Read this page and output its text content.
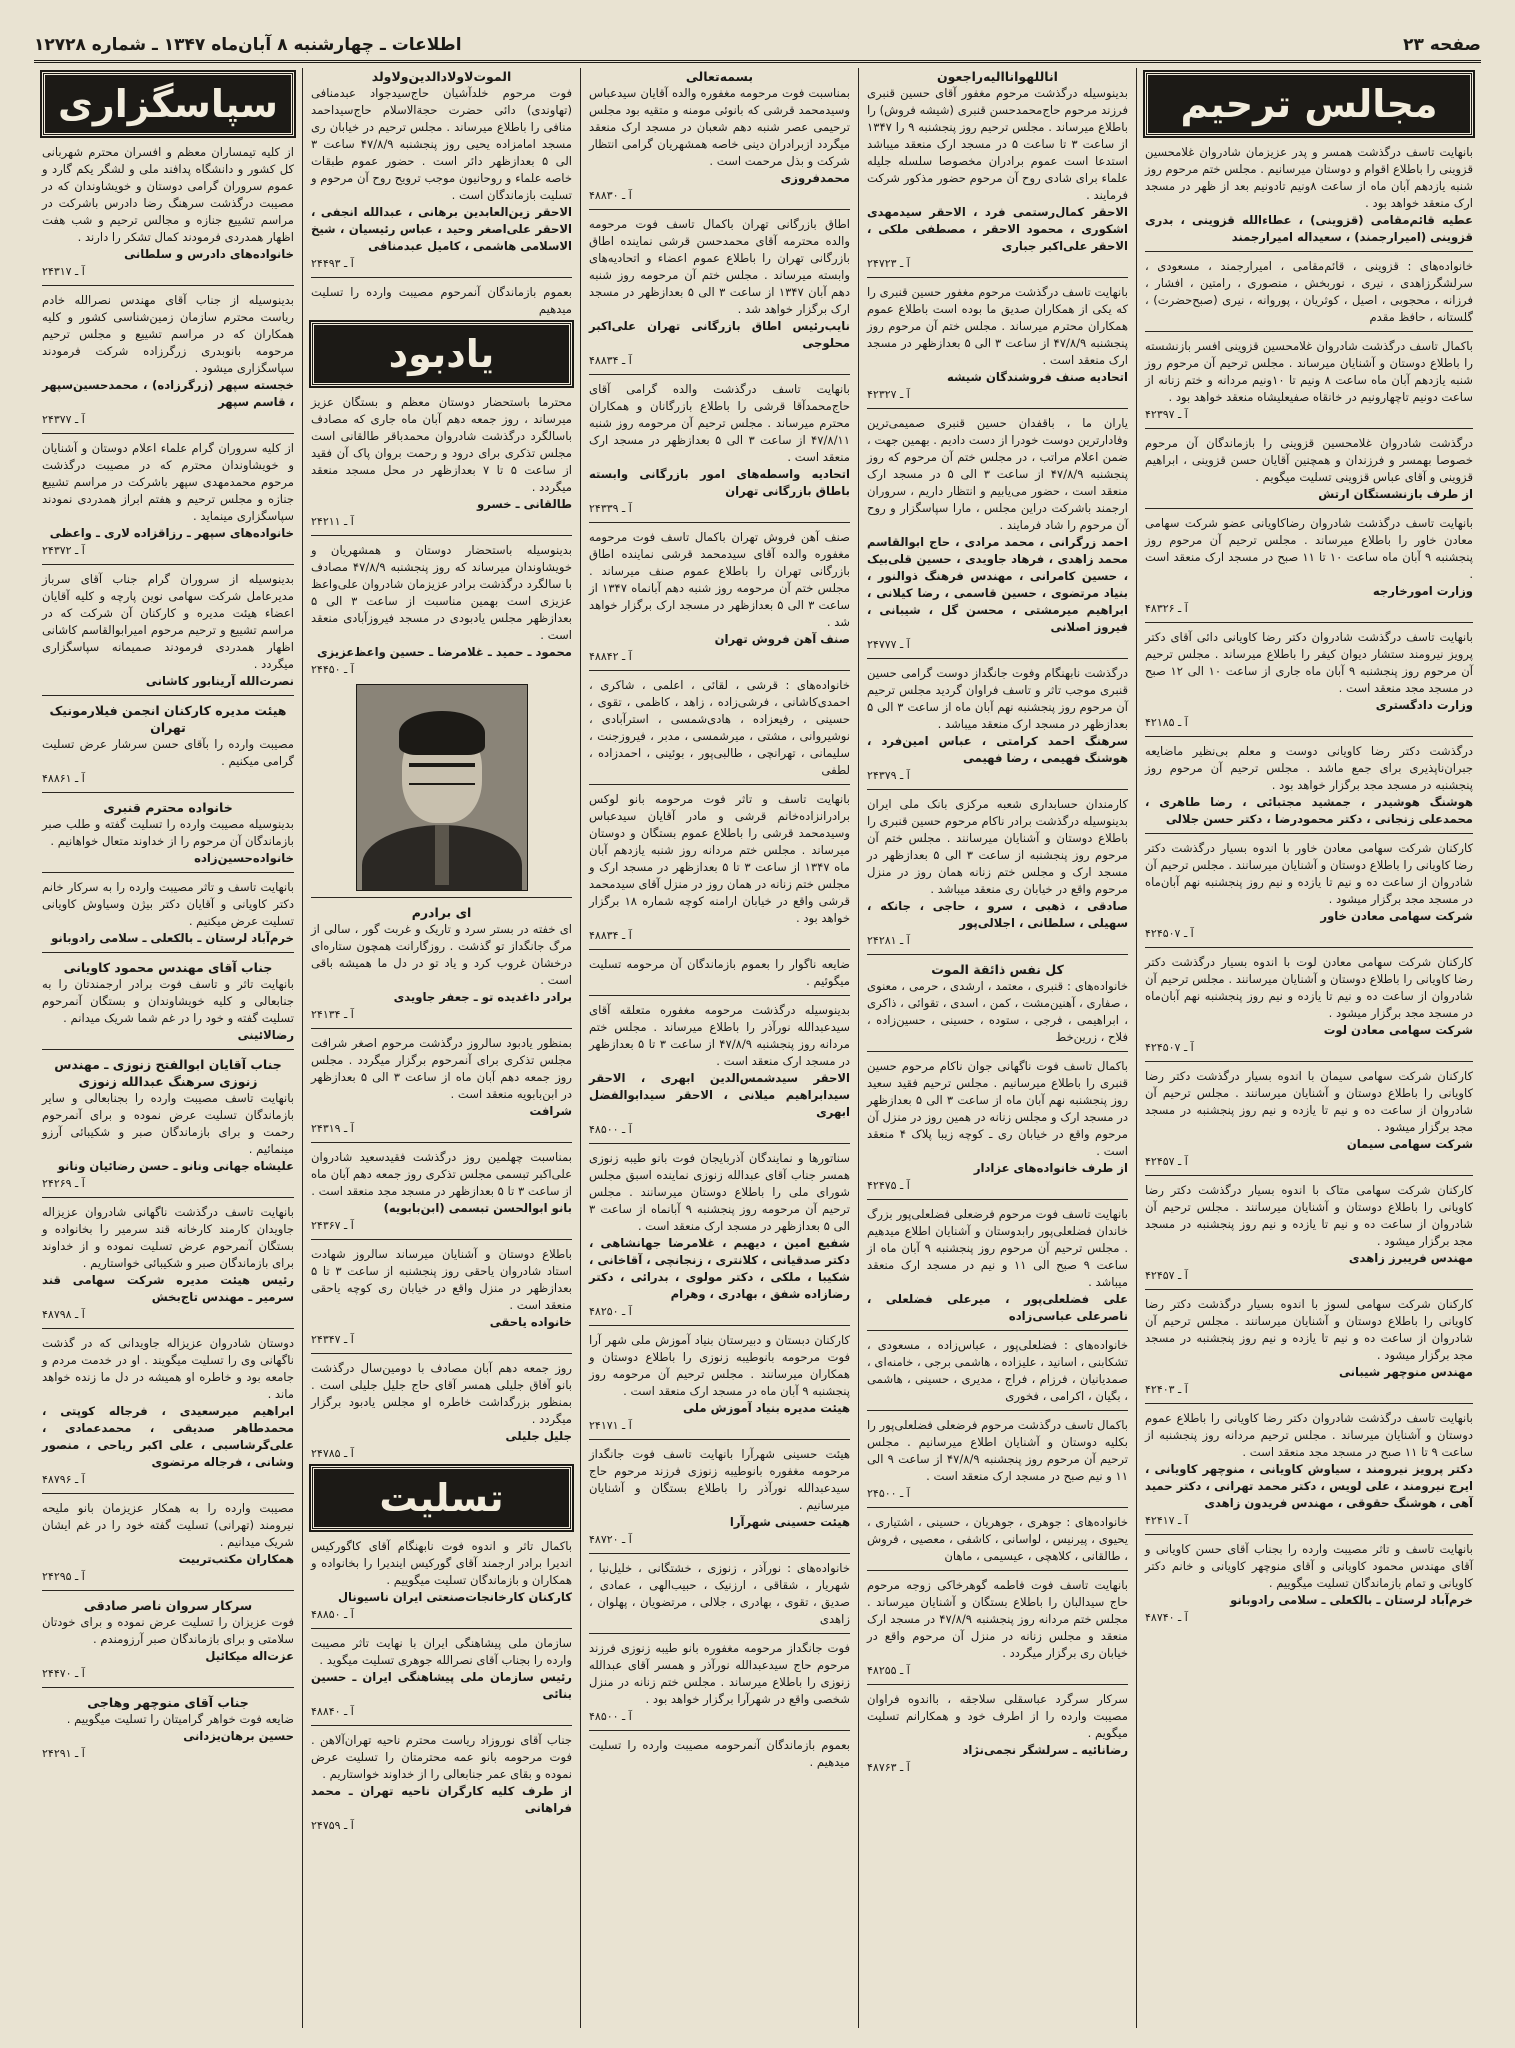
صفحه ۲۳
اطلاعات ـ چهارشنبه ۸ آبان‌ماه ۱۳۴۷ ـ شماره ۱۲۷۲۸
مجالس ترحیم
بانهایت تاسف درگذشت همسر و پدر عزیزمان شادروان غلامحسین قزوینی را باطلاع اقوام و دوستان میرسانیم . مجلس ختم مرحوم روز شنبه یازدهم آبان ماه از ساعت ۸ونیم تادونیم بعد از ظهر در مسجد ارک منعقد خواهد بود .
عطیه قائم‌مقامی (قزوینی) ، عطاءالله قزوینی ، بدری قزوینی (امیرارجمند) ، سعیداله امیرارجمند
خانواده‌های : قزوینی ، قائم‌مقامی ، امیرارجمند ، مسعودی ، سرلشگرزاهدی ، نیری ، نوربخش ، منصوری ، رامتین ، افشار ، فرزانه ، محجوبی ، اصیل ، کوثریان ، پوروانه ، نیری (صبح‌حضرت) ، گلستانه ، حافظ مقدم
باکمال تاسف درگذشت شادروان غلامحسین قزوینی افسر بازنشسته را باطلاع دوستان و آشنایان میرساند . مجلس ترحیم آن مرحوم روز شنبه یازدهم آبان ماه ساعت ۸ ونیم تا ۱۰ونیم مردانه و ختم زنانه از ساعت دونیم تاچهارونیم در خانقاه صفیعلیشاه منعقد خواهد بود .
آ ـ ۴۲۳۹۷
درگذشت شادروان غلامحسین قزوینی را بازماندگان آن مرحوم خصوصا بهمسر و فرزندان و همچنین آقایان حسن قزوینی ، ابراهیم قزوینی و آقای عباس قزوینی تسلیت میگویم .
از طرف بازنشستگان ارتش
بانهایت تاسف درگذشت شادروان رضاکاویانی عضو شرکت سهامی معادن خاور را باطلاع میرساند . مجلس ترحیم آن مرحوم روز پنجشنبه ۹ آبان ماه ساعت ۱۰ تا ۱۱ صبح در مسجد ارک منعقد است .
وزارت امورخارجه
آ ـ ۴۸۳۲۶
بانهایت تاسف درگذشت شادروان دکتر رضا کاویانی دائی آقای دکتر پرویز نیرومند ستشار دیوان کیفر را باطلاع میرساند . مجلس ترحیم آن مرحوم روز پنجشنبه ۹ آبان ماه جاری از ساعت ۱۰ الی ۱۲ صبح در مسجد مجد منعقد است .
وزارت دادگستری
آ ـ ۴۲۱۸۵
درگذشت دکتر رضا کاویانی دوست و معلم بی‌نظیر ماضایعه جبران‌ناپذیری برای جمع ماشد . مجلس ترحیم آن مرحوم روز پنجشنبه در مسجد مجد برگزار خواهد بود .
هوشنگ هوشیدر ، جمشید مجتبائی ، رضا طاهری ، محمدعلی زنجانی ، دکتر محمودرضا ، دکتر حسن جلالی
کارکنان شرکت سهامی معادن خاور با اندوه بسیار درگذشت دکتر رضا کاویانی را باطلاع دوستان و آشنایان میرسانند . مجلس ترحیم آن شادروان از ساعت ده و نیم تا یازده و نیم روز پنجشنبه نهم آبان‌ماه در مسجد مجد برگزار میشود .
شرکت سهامی معادن خاور
آ ـ ۴۲۴۵۰۷
کارکنان شرکت سهامی معادن لوت با اندوه بسیار درگذشت دکتر رضا کاویانی را باطلاع دوستان و آشنایان میرسانند . مجلس ترحیم آن شادروان از ساعت ده و نیم تا یازده و نیم روز پنجشنبه نهم آبان‌ماه در مسجد مجد برگزار میشود .
شرکت سهامی معادن لوت
آ ـ ۴۲۴۵۰۷
کارکنان شرکت سهامی سیمان با اندوه بسیار درگذشت دکتر رضا کاویانی را باطلاع دوستان و آشنایان میرسانند . مجلس ترحیم آن شادروان از ساعت ده و نیم تا یازده و نیم روز پنجشنبه در مسجد مجد برگزار میشود .
شرکت سهامی سیمان
آ ـ ۴۲۴۵۷
کارکنان شرکت سهامی متاک با اندوه بسیار درگذشت دکتر رضا کاویانی را باطلاع دوستان و آشنایان میرسانند . مجلس ترحیم آن شادروان از ساعت ده و نیم تا یازده و نیم روز پنجشنبه در مسجد مجد برگزار میشود .
مهندس فریبرز زاهدی
آ ـ ۴۲۴۵۷
کارکنان شرکت سهامی لسوز با اندوه بسیار درگذشت دکتر رضا کاویانی را باطلاع دوستان و آشنایان میرسانند . مجلس ترحیم آن شادروان از ساعت ده و نیم تا یازده و نیم روز پنجشنبه در مسجد مجد برگزار میشود .
مهندس منوچهر شیبانی
آ ـ ۴۲۴۰۳
بانهایت تاسف درگذشت شادروان دکتر رضا کاویانی را باطلاع عموم دوستان و آشنایان میرساند . مجلس ترحیم مردانه روز پنجشنبه از ساعت ۹ تا ۱۱ صبح در مسجد مجد منعقد است .
دکتر پرویز نیرومند ، سیاوش کاویانی ، منوچهر کاویانی ، ایرج نیرومند ، علی لویس ، دکتر محمد تهرانی ، دکتر حمید آهی ، هوشنگ حقوقی ، مهندس فریدون زاهدی
آ ـ ۴۲۴۱۷
بانهایت تاسف و تاثر مصیبت وارده را بجناب آقای حسن کاویانی و آقای مهندس محمود کاویانی و آقای منوچهر کاویانی و خانم دکتر کاویانی و تمام بازماندگان تسلیت میگوییم .
خرم‌آباد لرستان ـ بالکعلی ـ سلامی رادوبانو
آ ـ ۴۸۷۴۰
اناللهواناالیه‌راجعون
بدینوسیله درگذشت مرحوم مغفور آقای حسین قنبری فرزند مرحوم حاج‌محمدحسن قنبری (شیشه فروش) را باطلاع میرساند . مجلس ترحیم روز پنجشنبه ۹ را ۱۳۴۷ از ساعت ۳ تا ساعت ۵ در مسجد ارک منعقد میباشد استدعا است عموم برادران مخصوصا سلسله جلیله علماء برای شادی روح آن مرحوم حضور مذکور شرکت فرمایند .
الاحقر کمال‌رستمی فرد ، الاحقر سیدمهدی اشکوری ، محمود الاحقر ، مصطفی ملکی ، الاحقر علی‌اکبر جباری
آ ـ ۲۴۷۲۳
بانهایت تاسف درگذشت مرحوم مغفور حسین قنبری را که یکی از همکاران صدیق ما بوده است باطلاع عموم همکاران محترم میرساند . مجلس ختم آن مرحوم روز پنجشنبه ۴۷/۸/۹ از ساعت ۳ الی ۵ بعدازظهر در مسجد ارک منعقد است .
اتحادیه صنف فروشندگان شیشه
آ ـ ۴۲۳۲۷
یاران ما ، باقفدان حسین قنبری صمیمی‌ترین وفادارترین دوست خودرا از دست دادیم . بهمین جهت ، ضمن اعلام مراتب ، در مجلس ختم آن مرحوم که روز پنجشنبه ۴۷/۸/۹ از ساعت ۳ الی ۵ در مسجد ارک منعقد است ، حضور می‌یابیم و انتظار داریم ، سروران ارجمند باشرکت دراین مجلس ، مارا سپاسگزار و روح آن مرحوم را شاد فرمایند .
احمد زرگرانی ، محمد مرادی ، حاج ابوالقاسم محمد زاهدی ، فرهاد جاویدی ، حسین قلی‌بیک ، حسین کامرانی ، مهندس فرهنگ ذوالنور ، بنیاد مرتضوی ، حسین قاسمی ، رضا کیلانی ، ابراهیم میرمشتی ، محسن گل ، شیبانی ، فیروز اصلانی
آ ـ ۲۴۷۷۷
درگذشت نابهنگام وفوت جانگداز دوست گرامی حسین قنبری موجب تاثر و تاسف فراوان گردید مجلس ترحیم آن مرحوم روز پنجشنبه نهم آبان ماه از ساعت ۳ الی ۵ بعدازظهر در مسجد ارک منعقد میباشد .
سرهنگ احمد کرامتی ، عباس امین‌فرد ، هوشنگ فهیمی ، رضا فهیمی
آ ـ ۲۴۳۷۹
کارمندان حسابداری شعبه مرکزی بانک ملی ایران بدینوسیله درگذشت برادر ناکام مرحوم حسین قنبری را باطلاع دوستان و آشنایان میرسانند . مجلس ختم آن مرحوم روز پنجشنبه از ساعت ۳ الی ۵ بعدازظهر در مسجد ارک و مجلس ختم زنانه همان روز در منزل مرحوم واقع در خیابان ری منعقد میباشد .
صادقی ، ذهبی ، سرو ، حاجی ، جانکه ، سهیلی ، سلطانی ، اجلالی‌پور
آ ـ ۲۴۲۸۱
کل نفس ذائقة الموت
خانواده‌های : قنبری ، معتمد ، ارشدی ، حرمی ، معنوی ، صفاری ، آهنین‌مشت ، کمن ، اسدی ، تقوائی ، ذاکری ، ابراهیمی ، فرجی ، ستوده ، حسینی ، حسین‌زاده ، فلاح ، زرین‌خط
باکمال تاسف فوت ناگهانی جوان ناکام مرحوم حسین قنبری را باطلاع میرسانیم . مجلس ترحیم فقید سعید روز پنجشنبه نهم آبان ماه از ساعت ۳ الی ۵ بعدازظهر در مسجد ارک و مجلس زنانه در همین روز در منزل آن مرحوم واقع در خیابان ری ـ کوچه زیبا پلاک ۴ منعقد است .
از طرف خانواده‌های عزادار
آ ـ ۴۲۴۷۵
بانهایت تاسف فوت مرحوم فرضعلی فضلعلی‌پور بزرگ خاندان فضلعلی‌پور رابدوستان و آشنایان اطلاع میدهیم . مجلس ترحیم آن مرحوم روز پنجشنبه ۹ آبان ماه از ساعت ۹ صبح الی ۱۱ و نیم در مسجد ارک منعقد میباشد .
علی فضلعلی‌پور ، میرعلی فضلعلی ، ناصرعلی عباسی‌زاده
خانواده‌های : فضلعلی‌پور ، عباس‌زاده ، مسعودی ، تشکابنی ، اسانید ، علیزاده ، هاشمی برجی ، خامنه‌ای ، صمدیانیان ، فرزام ، فراج ، مدیری ، حسینی ، هاشمی ، بگیان ، اکرامی ، فخوری
باکمال تاسف درگذشت مرحوم فرضعلی فضلعلی‌پور را بکلیه دوستان و آشنایان اطلاع میرسانیم . مجلس ترحیم آن مرحوم روز پنجشنبه ۴۷/۸/۹ از ساعت ۹ الی ۱۱ و نیم صبح در مسجد ارک منعقد است .
آ ـ ۲۴۵۰۰
خانواده‌های : جوهری ، جوهریان ، حسینی ، اشتیاری ، یحیوی ، پیرنیس ، لواسانی ، کاشفی ، معصیی ، فروش ، طالقانی ، کلاهچی ، عیسیمی ، ماهان
بانهایت تاسف فوت فاطمه گوهرخاکی زوجه مرحوم حاج سیدالبان را باطلاع بستگان و آشنایان میرساند . مجلس ختم مردانه روز پنجشنبه ۴۷/۸/۹ در مسجد ارک منعقد و مجلس زنانه در منزل آن مرحوم واقع در خیابان ری برگزار میگردد .
آ ـ ۴۸۲۵۵
سرکار سرگرد عباسقلی سلاجقه ، بااندوه فراوان مصیبت وارده را از اطرف خود و همکارانم تسلیت میگویم .
رضانائیه ـ سرلشگر نجمی‌نژاد
آ ـ ۴۸۷۶۳
بسمه‌تعالی
بمناسبت فوت مرحومه مغفوره والده آقایان سیدعباس وسیدمحمد قرشی که بانوئی مومنه و متقیه بود مجلس ترحیمی عصر شنبه دهم شعبان در مسجد ارک منعقد میگردد ازبرادران دینی خاصه همشهریان گرامی انتظار شرکت و بذل مرحمت است .
محمدفروزی
آ ـ ۴۸۸۳۰
اطاق بازرگانی تهران باکمال تاسف فوت مرحومه والده محترمه آقای محمدحسن قرشی نماینده اطاق بازرگانی تهران را باطلاع عموم اعضاء و اتحادیه‌های وابسته میرساند . مجلس ختم آن مرحومه روز شنبه دهم آبان ۱۳۴۷ از ساعت ۳ الی ۵ بعدازظهر در مسجد ارک برگزار خواهد شد .
نایب‌رئیس اطاق بازرگانی تهران علی‌اکبر محلوجی
آ ـ ۴۸۸۳۴
بانهایت تاسف درگذشت والده گرامی آقای حاج‌محمدآقا قرشی را باطلاع بازرگانان و همکاران محترم میرساند . مجلس ترحیم آن مرحومه روز شنبه ۴۷/۸/۱۱ از ساعت ۳ الی ۵ بعدازظهر در مسجد ارک منعقد است .
اتحادیه واسطه‌های امور بازرگانی وابسته باطاق بازرگانی تهران
آ ـ ۲۴۳۳۹
صنف آهن فروش تهران باکمال تاسف فوت مرحومه مغفوره والده آقای سیدمحمد قرشی نماینده اطاق بازرگانی تهران را باطلاع عموم صنف میرساند . مجلس ختم آن مرحومه روز شنبه دهم آبانماه ۱۳۴۷ از ساعت ۳ الی ۵ بعدازظهر در مسجد ارک برگزار خواهد شد .
صنف آهن فروش تهران
آ ـ ۴۸۸۴۲
خانواده‌های : قرشی ، لقائی ، اعلمی ، شاکری ، احمدی‌کاشانی ، فرشی‌زاده ، زاهد ، کاظمی ، تقوی ، حسینی ، رفیعزاده ، هادی‌شمسی ، استرآبادی ، نوشیروانی ، مشتی ، میرشمسی ، مدبر ، فیروزجنت ، سلیمانی ، تهرانچی ، طالبی‌پور ، بوئینی ، احمدزاده ، لطفی
بانهایت تاسف و تاثر فوت مرحومه بانو لوکس برادرانزاده‌خانم قرشی و مادر آقایان سیدعباس وسیدمحمد قرشی را باطلاع عموم بستگان و دوستان میرساند . مجلس ختم مردانه روز شنبه یازدهم آبان ماه ۱۳۴۷ از ساعت ۳ تا ۵ بعدازظهر در مسجد ارک و مجلس ختم زنانه در همان روز در منزل آقای سیدمحمد قرشی واقع در خیابان ارامنه کوچه شماره ۱۸ برگزار خواهد بود .
آ ـ ۴۸۸۳۴
ضایعه ناگوار را بعموم بازماندگان آن مرحومه تسلیت میگوئیم .
بدینوسیله درگذشت مرحومه مغفوره متعلقه آقای سیدعبدالله نورآذر را باطلاع میرساند . مجلس ختم مردانه روز پنجشنبه ۴۷/۸/۹ از ساعت ۳ تا ۵ بعدازظهر در مسجد ارک منعقد است .
الاحقر سیدشمس‌الدین ابهری ، الاحقر سیدابراهیم میلانی ، الاحقر سیدابوالفضل ابهری
آ ـ ۴۸۵۰۰
سناتورها و نمایندگان آذربایجان فوت بانو طیبه زنوزی همسر جناب آقای عبدالله زنوزی نماینده اسبق مجلس شورای ملی را باطلاع دوستان میرسانند . مجلس ترحیم آن مرحومه روز پنجشنبه ۹ آبانماه از ساعت ۳ الی ۵ بعدازظهر در مسجد ارک منعقد است .
شفیع امین ، دیهیم ، غلامرضا جهانشاهی ، دکتر صدقیانی ، کلانتری ، زنجانچی ، آقاخانی ، شکیبا ، ملکی ، دکتر مولوی ، بدرائی ، دکتر رضازاده شفق ، بهادری ، وهرام
آ ـ ۴۸۲۵۰
کارکنان دبستان و دبیرستان بنیاد آموزش ملی شهر آرا فوت مرحومه بانوطیبه زنوزی را باطلاع دوستان و همکاران میرسانند . مجلس ترحیم آن مرحومه روز پنجشنبه ۹ آبان ماه در مسجد ارک منعقد است .
هیئت مدیره بنیاد آموزش ملی
آ ـ ۲۴۱۷۱
هیئت حسینی شهرآرا بانهایت تاسف فوت جانگداز مرحومه مغفوره بانوطیبه زنوزی فرزند مرحوم حاج سیدعبدالله نورآذر را باطلاع بستگان و آشنایان میرسانیم .
هیئت حسینی شهرآرا
آ ـ ۴۸۷۲۰
خانواده‌های : نورآذر ، زنوزی ، خشتگانی ، خلیل‌نیا ، شهریار ، شقاقی ، ارزنیک ، حبیب‌الهی ، عمادی ، صدیق ، تقوی ، بهادری ، جلالی ، مرتضویان ، پهلوان ، زاهدی
فوت جانگداز مرحومه مغفوره بانو طیبه زنوزی فرزند مرحوم حاج سیدعبدالله نورآذر و همسر آقای عبدالله زنوزی را باطلاع میرساند . مجلس ختم زنانه در منزل شخصی واقع در شهرآرا برگزار خواهد بود .
آ ـ ۴۸۵۰۰
بعموم بازماندگان آنمرحومه مصیبت وارده را تسلیت میدهیم .
الموت‌لاولادالدین‌ولاولد
فوت مرحوم خلدآشیان حاج‌سیدجواد عبدمنافی (تهاوندی) دائی حضرت حجةالاسلام حاج‌سیداحمد منافی را باطلاع میرساند . مجلس ترحیم در خیابان ری مسجد امامزاده یحیی روز پنجشنبه ۴۷/۸/۹ ساعت ۳ الی ۵ بعدازظهر دائر است . حضور عموم طبقات خاصه علماء و روحانیون موجب ترویح روح آن مرحوم و تسلیت بازماندگان است .
الاحقر زین‌العابدین برهانی ، عبدالله انجفی ، الاحقر علی‌اصغر وحید ، عباس رئیسیان ، شیخ الاسلامی هاشمی ، کامیل عبدمنافی
آ ـ ۲۴۴۹۳
بعموم بازماندگان آنمرحوم مصیبت وارده را تسلیت میدهیم
یادبود
محترما باستحضار دوستان معظم و بستگان عزیز میرساند ، روز جمعه دهم آبان ماه جاری که مصادف باسالگرد درگذشت شادروان محمدباقر طالقانی است مجلس تذکری برای درود و رحمت بروان پاک آن فقید از ساعت ۵ تا ۷ بعدازظهر در محل مسجد منعقد میگردد .
طالقانی ـ خسرو
آ ـ ۲۴۲۱۱
بدینوسیله باستحضار دوستان و همشهریان و خویشاوندان میرساند که روز پنجشنبه ۴۷/۸/۹ مصادف با سالگرد درگذشت برادر عزیزمان شادروان علی‌واعظ عزیزی است بهمین مناسبت از ساعت ۳ الی ۵ بعدازظهر مجلس یادبودی در مسجد فیروزآبادی منعقد است .
محمود ـ حمید ـ غلامرضا ـ حسین واعظ‌عزیزی
آ ـ ۲۴۴۵۰
ای برادرم
ای خفته در بستر سرد و تاریک و غربت گور ، سالی از مرگ جانگداز تو گذشت . روزگارانت همچون ستاره‌ای درخشان غروب کرد و یاد تو در دل ما همیشه باقی است .
برادر داغدیده تو ـ جعفر جاویدی
آ ـ ۲۴۱۳۴
بمنظور یادبود سالروز درگذشت مرحوم اصغر شرافت مجلس تذکری برای آنمرحوم برگزار میگردد . مجلس روز جمعه دهم آبان ماه از ساعت ۳ الی ۵ بعدازظهر در ابن‌بابویه منعقد است .
شرافت
آ ـ ۲۴۳۱۹
بمناسبت چهلمین روز درگذشت فقیدسعید شادروان علی‌اکبر تبسمی مجلس تذکری روز جمعه دهم آبان ماه از ساعت ۳ تا ۵ بعدازظهر در مسجد مجد منعقد است .
بانو ابوالحسن تبسمی (ابن‌بابویه)
آ ـ ۲۴۳۶۷
باطلاع دوستان و آشنایان میرساند سالروز شهادت استاد شادروان یاحقی روز پنجشنبه از ساعت ۳ تا ۵ بعدازظهر در منزل واقع در خیابان ری کوچه یاحقی منعقد است .
خانواده یاحقی
آ ـ ۲۴۳۴۷
روز جمعه دهم آبان مصادف با دومین‌سال درگذشت بانو آفاق جلیلی همسر آقای حاج جلیل جلیلی است . بمنظور بزرگداشت خاطره او مجلس یادبود برگزار میگردد .
جلیل جلیلی
آ ـ ۲۴۷۸۵
تسلیت
باکمال تاثر و اندوه فوت نابهنگام آقای کاگورکیس اندیرا برادر ارجمند آقای گورکیس ایندیرا را بخانواده و همکاران و بازماندگان تسلیت میگوییم .
کارکنان کارخانجات‌صنعتی ایران ناسیونال
آ ـ ۴۸۸۵۰
سازمان ملی پیشاهنگی ایران با نهایت تاثر مصیبت وارده را بجناب آقای نصرالله جوهری تسلیت میگوید .
رئیس سازمان ملی پیشاهنگی ایران ـ حسین بنائی
آ ـ ۴۸۸۴۰
جناب آقای نوروزاد ریاست محترم ناحیه تهران‌آلاهن . فوت مرحومه بانو عمه محترمتان را تسلیت عرض نموده و بقای عمر جنابعالی را از خداوند خواستاریم .
از طرف کلیه کارگران ناحیه تهران ـ محمد فراهانی
آ ـ ۲۴۷۵۹
سپاسگزاری
از کلیه تیمساران معظم و افسران محترم شهربانی کل کشور و دانشگاه پدافند ملی و لشگر یکم گارد و عموم سروران گرامی دوستان و خویشاوندان که در مصیبت درگذشت سرهنگ رضا دادرس باشرکت در مراسم تشییع جنازه و مجالس ترحیم و شب هفت اظهار همدردی فرمودند کمال تشکر را دارند .
خانواده‌های دادرس و سلطانی
آ ـ ۲۴۳۱۷
بدینوسیله از جناب آقای مهندس نصرالله خادم ریاست محترم سازمان زمین‌شناسی کشور و کلیه همکاران که در مراسم تشییع و مجلس ترحیم مرحومه بانوبدری زرگرزاده شرکت فرمودند سپاسگزاری میشود .
خجسته سپهر (زرگرزاده) ، محمدحسین‌سپهر ، قاسم سپهر
آ ـ ۲۴۳۷۷
از کلیه سروران گرام علماء اعلام دوستان و آشنایان و خویشاوندان محترم که در مصیبت درگذشت مرحوم محمدمهدی سپهر باشرکت در مراسم تشییع جنازه و مجلس ترحیم و هفتم ابراز همدردی نمودند سپاسگزاری مینماید .
خانواده‌های سپهر ـ رزاقزاده لاری ـ واعظی
آ ـ ۲۴۳۷۲
بدینوسیله از سروران گرام جناب آقای سرباز مدیرعامل شرکت سهامی نوین پارچه و کلیه آقایان اعضاء هیئت مدیره و کارکنان آن شرکت که در مراسم تشییع و ترحیم مرحوم امیرابوالقاسم کاشانی اظهار همدردی فرمودند صمیمانه سپاسگزاری میگردد .
نصرت‌الله آرینابور کاشانی
هیئت مدیره کارکنان انجمن فیلارمونیک تهران
مصیبت وارده را بآقای حسن سرشار عرض تسلیت گرامی میکنیم .
آ ـ ۴۸۸۶۱
خانواده محترم قنبری
بدینوسیله مصیبت وارده را تسلیت گفته و طلب صبر بازماندگان آن مرحوم را از خداوند متعال خواهانیم .
خانواده‌حسین‌زاده
بانهایت تاسف و تاثر مصیبت وارده را به سرکار خانم دکتر کاویانی و آقایان دکتر بیژن وسیاوش کاویانی تسلیت عرض میکنیم .
خرم‌آباد لرستان ـ بالکعلی ـ سلامی رادوبانو
جناب آقای مهندس محمود کاویانی
بانهایت تاثر و تاسف فوت برادر ارجمندتان را به جنابعالی و کلیه خویشاوندان و بستگان آنمرحوم تسلیت گفته و خود را در غم شما شریک میدانم .
رضالائینی
جناب آقایان ابوالفتح زنوزی ـ مهندس زنوزی سرهنگ عبدالله زنوزی
بانهایت تاسف مصیبت وارده را بجنابعالی و سایر بازماندگان تسلیت عرض نموده و برای آنمرحوم رحمت و برای بازماندگان صبر و شکیبائی آرزو مینمائیم .
علیشاه جهانی ونانو ـ حسن رضائیان ونانو
آ ـ ۲۴۲۶۹
بانهایت تاسف درگذشت ناگهانی شادروان عزیزاله جاویدان کارمند کارخانه قند سرمیر را بخانواده و بستگان آنمرحوم عرض تسلیت نموده و از خداوند برای بازماندگان صبر و شکیبائی خواستاریم .
رئیس هیئت مدیره شرکت سهامی قند سرمیر ـ مهندس تاج‌بخش
آ ـ ۴۸۷۹۸
دوستان شادروان عزیزاله جاویدانی که در گذشت ناگهانی وی را تسلیت میگویند . او در خدمت مردم و جامعه بود و خاطره او همیشه در دل ما زنده خواهد ماند .
ابراهیم میرسعیدی ، فرجاله کوپتی ، محمدطاهر صدیقی ، محمدعمادی ، علی‌گرشاسبی ، علی اکبر ریاحی ، منصور وشانی ، فرجاله مرتضوی
آ ـ ۴۸۷۹۶
مصیبت وارده را به همکار عزیزمان بانو ملیحه نیرومند (تهرانی) تسلیت گفته خود را در غم ایشان شریک میدانیم .
همکاران مکتب‌تربیت
آ ـ ۲۴۲۹۵
سرکار سروان ناصر صادقی
فوت عزیزان را تسلیت عرض نموده و برای خودتان سلامتی و برای بازماندگان صبر آرزومندم .
عزت‌اله میکائیل
آ ـ ۲۴۴۷۰
جناب آقای منوچهر وهاجی
ضایعه فوت خواهر گرامیتان را تسلیت میگوییم .
حسین برهان‌یزدانی
آ ـ ۲۴۲۹۱
